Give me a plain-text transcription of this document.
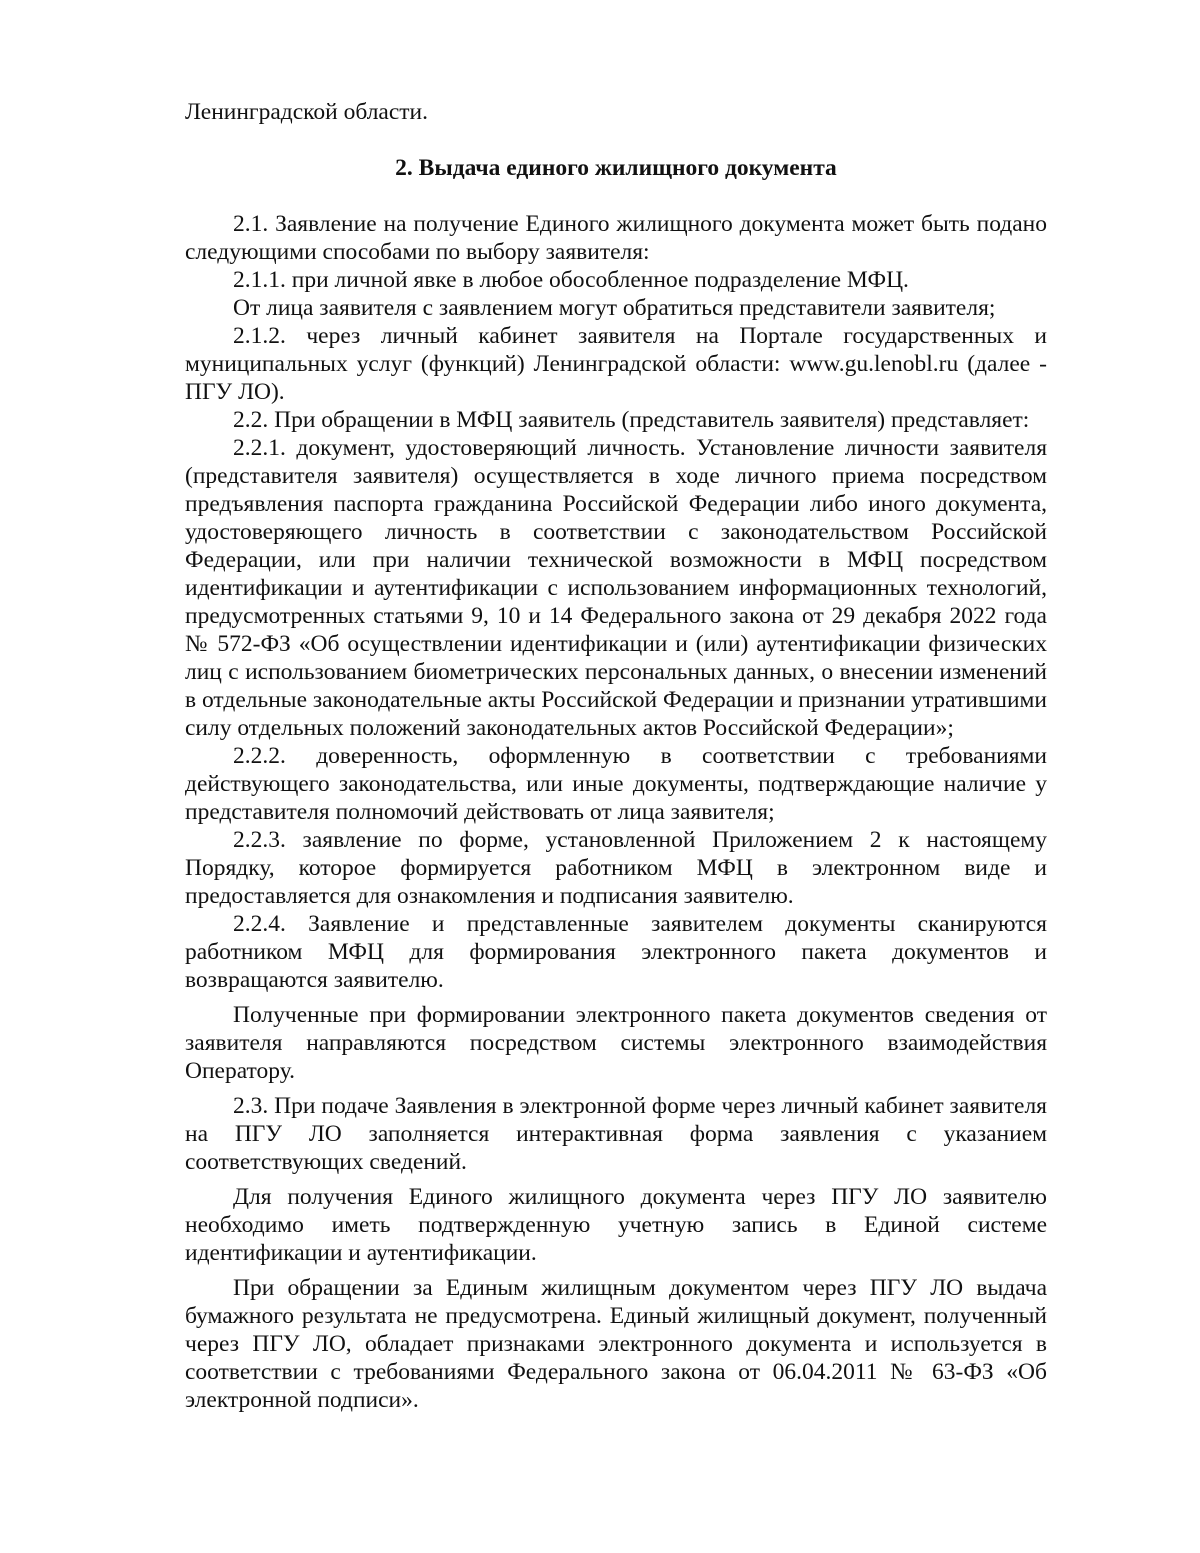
Ленинградской области.

2. Выдача единого жилищного документа

2.1. Заявление на получение Единого жилищного документа может быть подано следующими способами по выбору заявителя:

2.1.1. при личной явке в любое обособленное подразделение МФЦ.

От лица заявителя с заявлением могут обратиться представители заявителя;

2.1.2. через личный кабинет заявителя на Портале государственных и муниципальных услуг (функций) Ленинградской области: www.gu.lenobl.ru (далее - ПГУ ЛО).

2.2. При обращении в МФЦ заявитель (представитель заявителя) представляет:

2.2.1. документ, удостоверяющий личность. Установление личности заявителя (представителя заявителя) осуществляется в ходе личного приема посредством предъявления паспорта гражданина Российской Федерации либо иного документа, удостоверяющего личность в соответствии с законодательством Российской Федерации, или при наличии технической возможности в МФЦ посредством идентификации и аутентификации с использованием информационных технологий, предусмотренных статьями 9, 10 и 14 Федерального закона от 29 декабря 2022 года № 572-ФЗ «Об осуществлении идентификации и (или) аутентификации физических лиц с использованием биометрических персональных данных, о внесении изменений в отдельные законодательные акты Российской Федерации и признании утратившими силу отдельных положений законодательных актов Российской Федерации»;

2.2.2. доверенность, оформленную в соответствии с требованиями действующего законодательства, или иные документы, подтверждающие наличие у представителя полномочий действовать от лица заявителя;

2.2.3. заявление по форме, установленной Приложением 2 к настоящему Порядку, которое формируется работником МФЦ в электронном виде и предоставляется для ознакомления и подписания заявителю.

2.2.4. Заявление и представленные заявителем документы сканируются работником МФЦ для формирования электронного пакета документов и возвращаются заявителю.

Полученные при формировании электронного пакета документов сведения от заявителя направляются посредством системы электронного взаимодействия Оператору.

2.3. При подаче Заявления в электронной форме через личный кабинет заявителя на ПГУ ЛО заполняется интерактивная форма заявления с указанием соответствующих сведений.

Для получения Единого жилищного документа через ПГУ ЛО заявителю необходимо иметь подтвержденную учетную запись в Единой системе идентификации и аутентификации.

При обращении за Единым жилищным документом через ПГУ ЛО выдача бумажного результата не предусмотрена. Единый жилищный документ, полученный через ПГУ ЛО, обладает признаками электронного документа и используется в соответствии с требованиями Федерального закона от 06.04.2011 № 63-ФЗ «Об электронной подписи».
